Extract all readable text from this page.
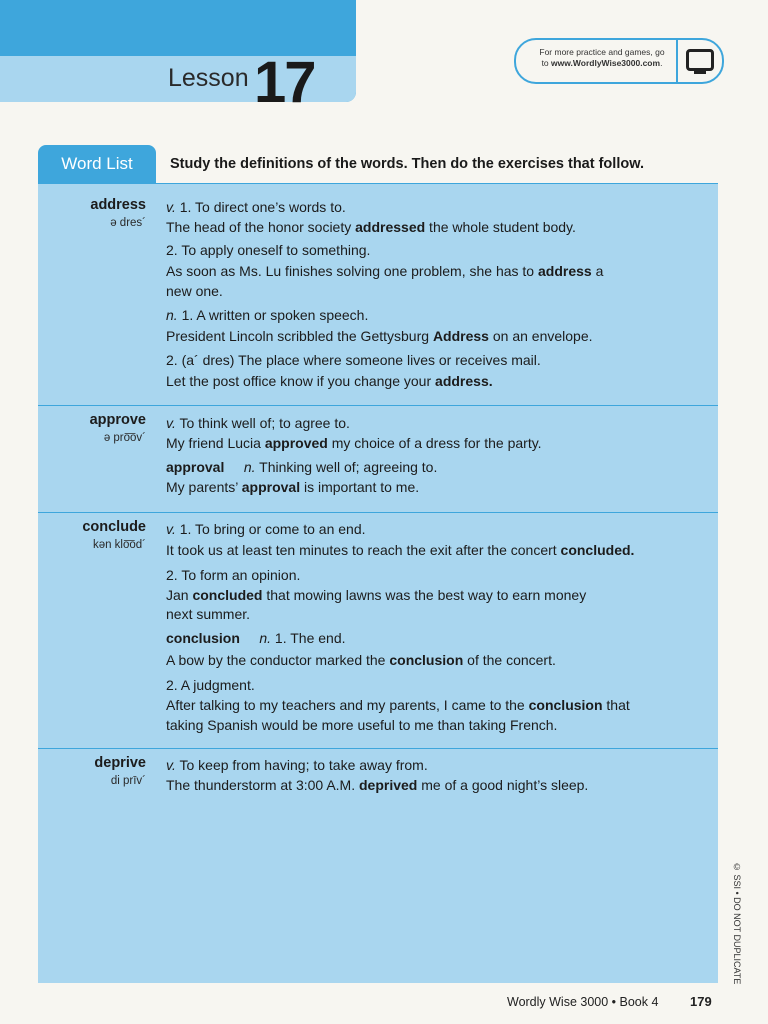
Lesson 17	For more practice and games, go
to www.WordlyWise3000.com.
Word List	Study the definitions of the words. Then do the exercises that follow.
address
ə dres´
v. 1. To direct one’s words to.
The head of the honor society addressed the whole student body.
2. To apply oneself to something.
As soon as Ms. Lu finishes solving one problem, she has to address a
new one.
n. 1. A written or spoken speech.
President Lincoln scribbled the Gettysburg Address on an envelope.
2. (a´ dres) The place where someone lives or receives mail.
Let the post office know if you change your address.
approve
ə pro͞ov´
v. To think well of; to agree to.
My friend Lucia approved my choice of a dress for the party.
approval n. Thinking well of; agreeing to.
My parents’ approval is important to me.
conclude
kən klo͞od´
v. 1. To bring or come to an end.
It took us at least ten minutes to reach the exit after the concert concluded.
2. To form an opinion.
Jan concluded that mowing lawns was the best way to earn money
next summer.
conclusion n. 1. The end.
A bow by the conductor marked the conclusion of the concert.
2. A judgment.
After talking to my teachers and my parents, I came to the conclusion that
taking Spanish would be more useful to me than taking French.
deprive
di prīv´
v. To keep from having; to take away from.
The thunderstorm at 3:00 A.M. deprived me of a good night’s sleep.
© SSI • DO NOT DUPLICATE
Wordly Wise 3000 • Book 4 179
